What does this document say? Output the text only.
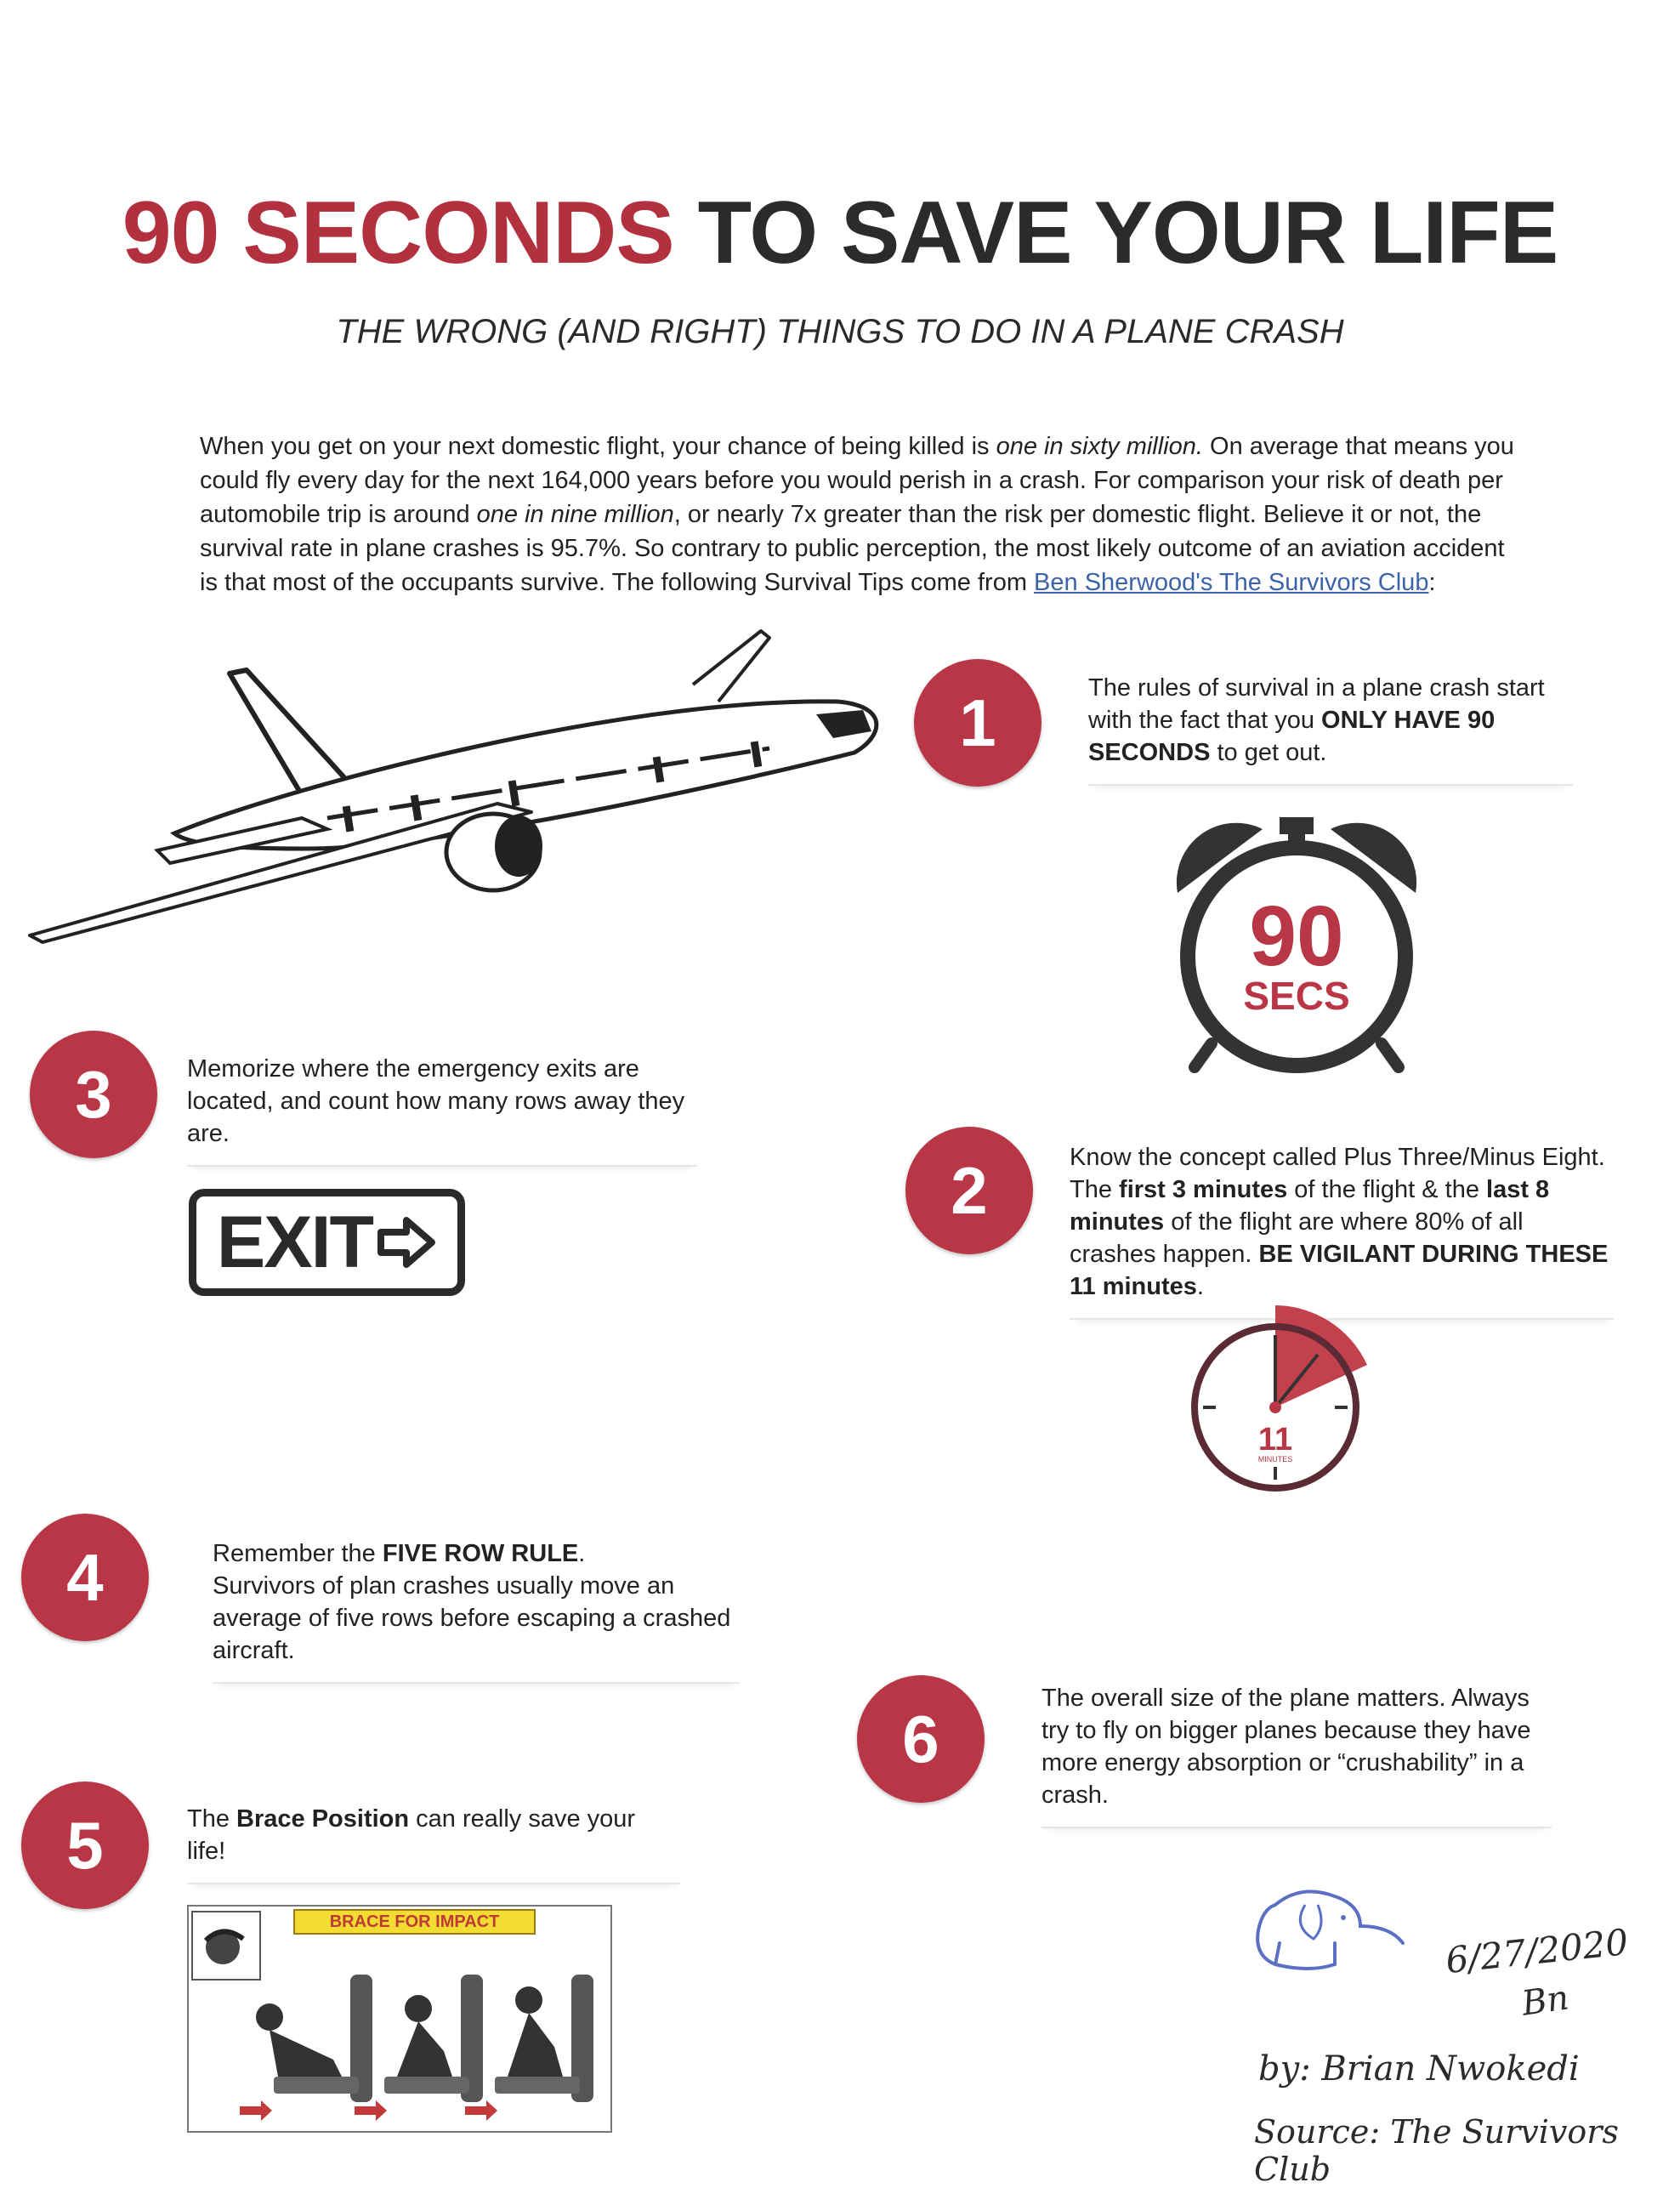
90 SECONDS TO SAVE YOUR LIFE
THE WRONG (AND RIGHT) THINGS TO DO IN A PLANE CRASH
When you get on your next domestic flight, your chance of being killed is one in sixty million. On average that means you could fly every day for the next 164,000 years before you would perish in a crash. For comparison your risk of death per automobile trip is around one in nine million, or nearly 7x greater than the risk per domestic flight. Believe it or not, the survival rate in plane crashes is 95.7%. So contrary to public perception, the most likely outcome of an aviation accident is that most of the occupants survive. The following Survival Tips come from Ben Sherwood's The Survivors Club:
1	The rules of survival in a plane crash start with the fact that you ONLY HAVE 90 SECONDS to get out.
90
SECS
3	Memorize where the emergency exits are located, and count how many rows away they are.
EXIT
2	Know the concept called Plus Three/Minus Eight. The first 3 minutes of the flight & the last 8 minutes of the flight are where 80% of all crashes happen. BE VIGILANT DURING THESE 11 minutes.
11
MINUTES
4	Remember the FIVE ROW RULE.
Survivors of plan crashes usually move an average of five rows before escaping a crashed aircraft.
6
The overall size of the plane matters. Always try to fly on bigger planes because they have more energy absorption or “crushability” in a crash.
5	The Brace Position can really save your life!
BRACE FOR IMPACT	6/27/2020
Bn
by: Brian Nwokedi
Source: The Survivors Club
